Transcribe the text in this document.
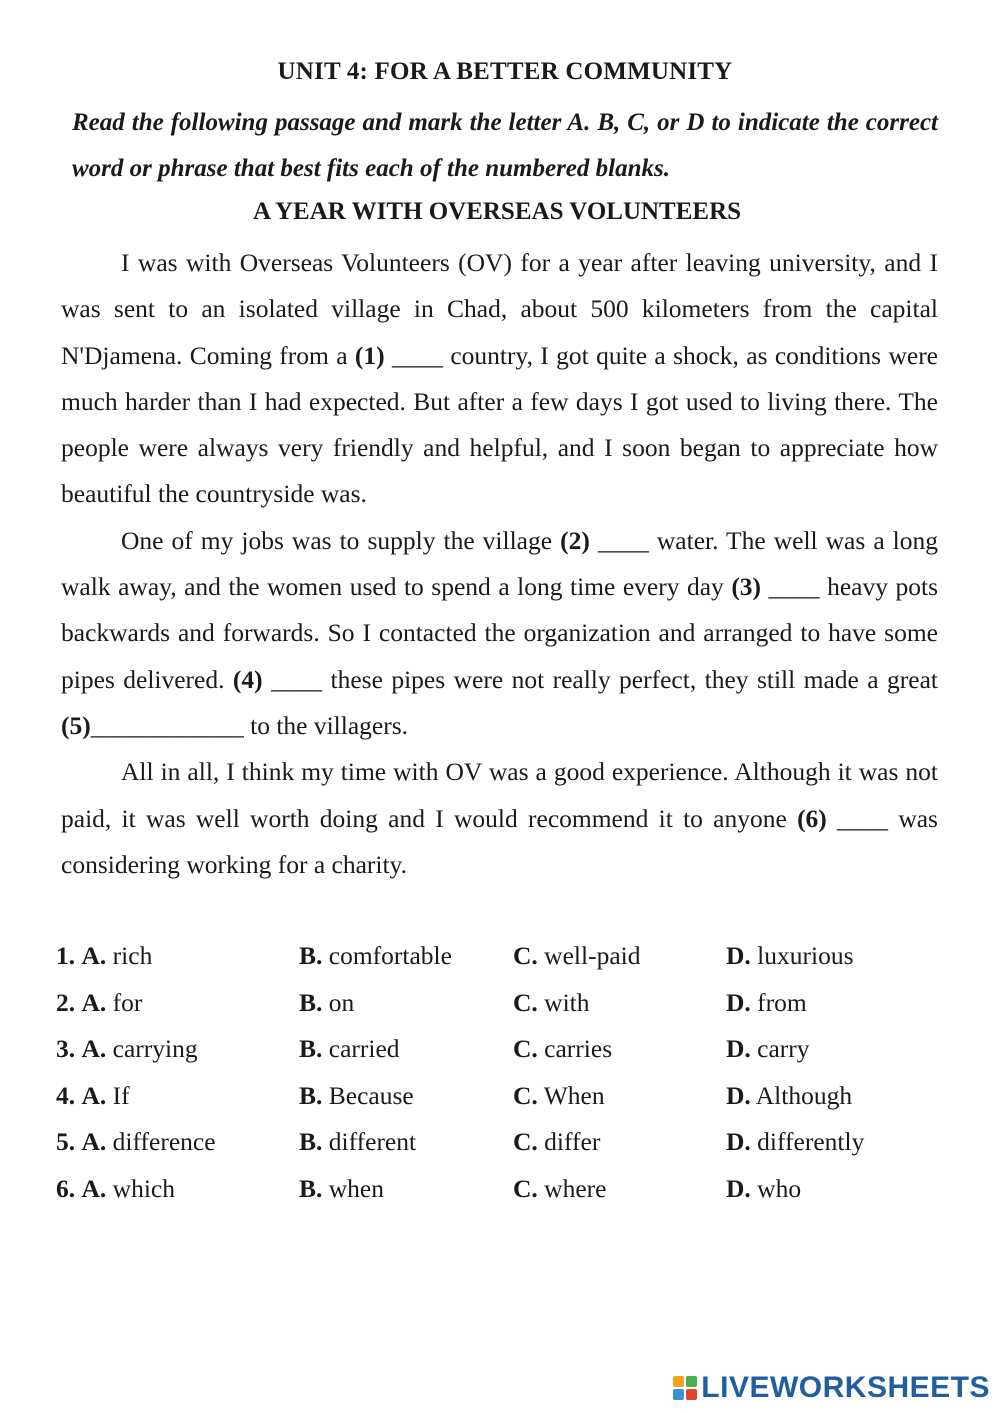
UNIT 4: FOR A BETTER COMMUNITY
Read the following passage and mark the letter A. B, C, or D to indicate the correct word or phrase that best fits each of the numbered blanks.
A YEAR WITH OVERSEAS VOLUNTEERS

I was with Overseas Volunteers (OV) for a year after leaving university, and I was sent to an isolated village in Chad, about 500 kilometers from the capital N'Djamena. Coming from a (1) ____ country, I got quite a shock, as conditions were much harder than I had expected. But after a few days I got used to living there. The people were always very friendly and helpful, and I soon began to appreciate how beautiful the countryside was.

One of my jobs was to supply the village (2) ____ water. The well was a long walk away, and the women used to spend a long time every day (3) ____ heavy pots backwards and forwards. So I contacted the organization and arranged to have some pipes delivered. (4) ____ these pipes were not really perfect, they still made a great (5)____________ to the villagers.

All in all, I think my time with OV was a good experience. Although it was not paid, it was well worth doing and I would recommend it to anyone (6) ____ was considering working for a charity.

1. A. rich	B. comfortable C. well-paid	D. luxurious
2. A. for	B. on	C. with	D. from
3. A. carrying	B. carried	C. carries	D. carry
4. A. If	B. Because	C. When	D. Although
5. A. difference	B. different	C. differ	D. differently
6. A. which	B. when	C. where	D. who
LIVEWORKSHEETS
